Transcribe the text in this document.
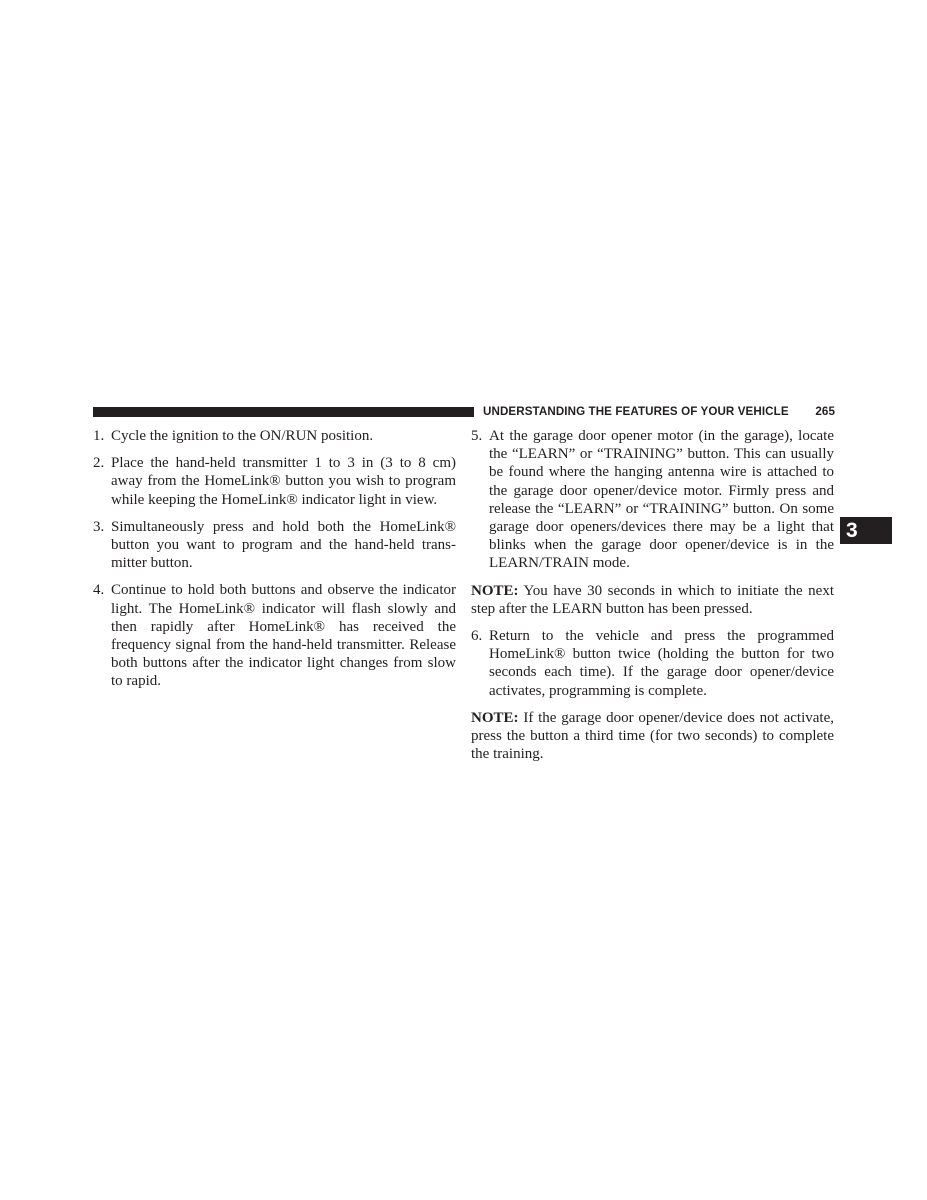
UNDERSTANDING THE FEATURES OF YOUR VEHICLE 265
3
1. Cycle the ignition to the ON/RUN position.
2. Place the hand-held transmitter 1 to 3 in (3 to 8 cm) away from the HomeLink® button you wish to program while keeping the HomeLink® indicator light in view.
3. Simultaneously press and hold both the HomeLink® button you want to program and the hand-held transmitter button.
4. Continue to hold both buttons and observe the indicator light. The HomeLink® indicator will flash slowly and then rapidly after HomeLink® has received the frequency signal from the hand-held transmitter. Release both buttons after the indicator light changes from slow to rapid.
5. At the garage door opener motor (in the garage), locate the “LEARN” or “TRAINING” button. This can usually be found where the hanging antenna wire is attached to the garage door opener/device motor. Firmly press and release the “LEARN” or “TRAINING” button. On some garage door openers/devices there may be a light that blinks when the garage door opener/device is in the LEARN/TRAIN mode.

NOTE: You have 30 seconds in which to initiate the next step after the LEARN button has been pressed.

6. Return to the vehicle and press the programmed HomeLink® button twice (holding the button for two seconds each time). If the garage door opener/device activates, programming is complete.

NOTE: If the garage door opener/device does not activate, press the button a third time (for two seconds) to complete the training.
